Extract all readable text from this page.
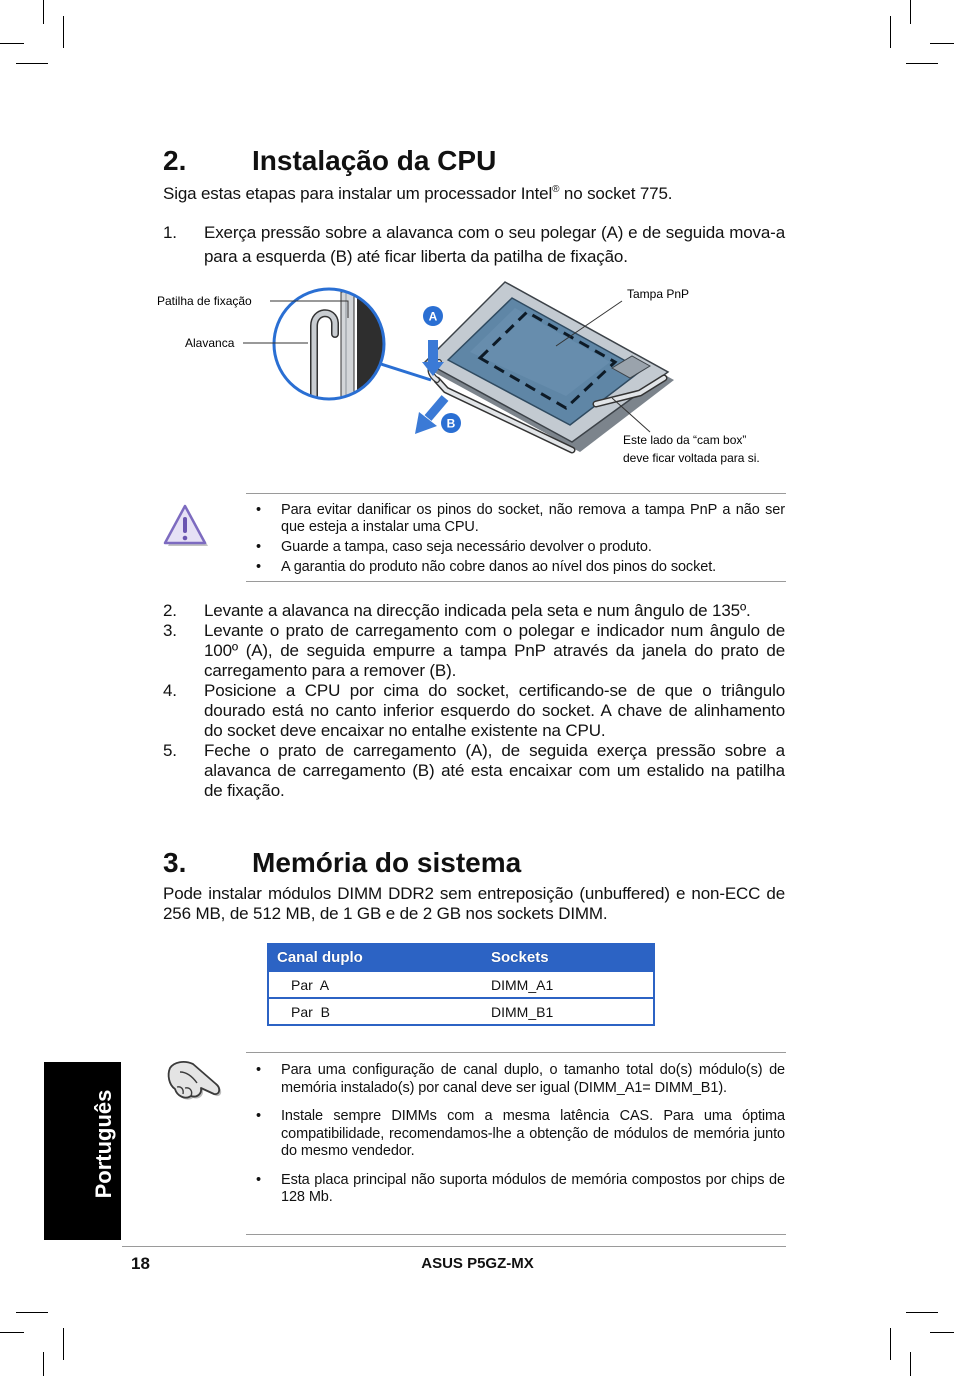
2. Instalação da CPU
Siga estas etapas para instalar um processador Intel® no socket 775.
1.	Exerça pressão sobre a alavanca com o seu polegar (A) e de seguida mova-a para a esquerda (B) até ficar liberta da patilha de fixação.
A
B
Patilha de fixação
Alavanca
Tampa PnP
Este lado da “cam box”
deve ficar voltada para si.
•	Para evitar danificar os pinos do socket, não remova a tampa PnP a não ser que esteja a instalar uma CPU.
•	Guarde a tampa, caso seja necessário devolver o produto.
•	A garantia do produto não cobre danos ao nível dos pinos do socket.
2.	Levante a alavanca na direcção indicada pela seta e num ângulo de 135º.
3.	Levante o prato de carregamento com o polegar e indicador num ângulo de 100º (A), de seguida empurre a tampa PnP através da janela do prato de carregamento para a remover (B).
4.	Posicione a CPU por cima do socket, certificando-se de que o triângulo dourado está no canto inferior esquerdo do socket. A chave de alinhamento do socket deve encaixar no entalhe existente na CPU.
5.	Feche o prato de carregamento (A), de seguida exerça pressão sobre a alavanca de carregamento (B) até esta encaixar com um estalido na patilha de fixação.
3. Memória do sistema
Pode instalar módulos DIMM DDR2 sem entreposição (unbuffered) e non-ECC de 256 MB, de 512 MB, de 1 GB e de 2 GB nos sockets DIMM.
Canal duplo	Sockets
Par  A	DIMM_A1
Par  B	DIMM_B1
•	Para uma configuração de canal duplo, o tamanho total do(s) módulo(s) de memória instalado(s) por canal deve ser igual (DIMM_A1= DIMM_B1).
•	Instale sempre DIMMs com a mesma latência CAS. Para uma óptima compatibilidade, recomendamos-lhe a obtenção de módulos de memória junto do mesmo vendedor.
•	Esta placa principal não suporta módulos de memória compostos por chips de 128 Mb.
Português
18	ASUS P5GZ-MX
